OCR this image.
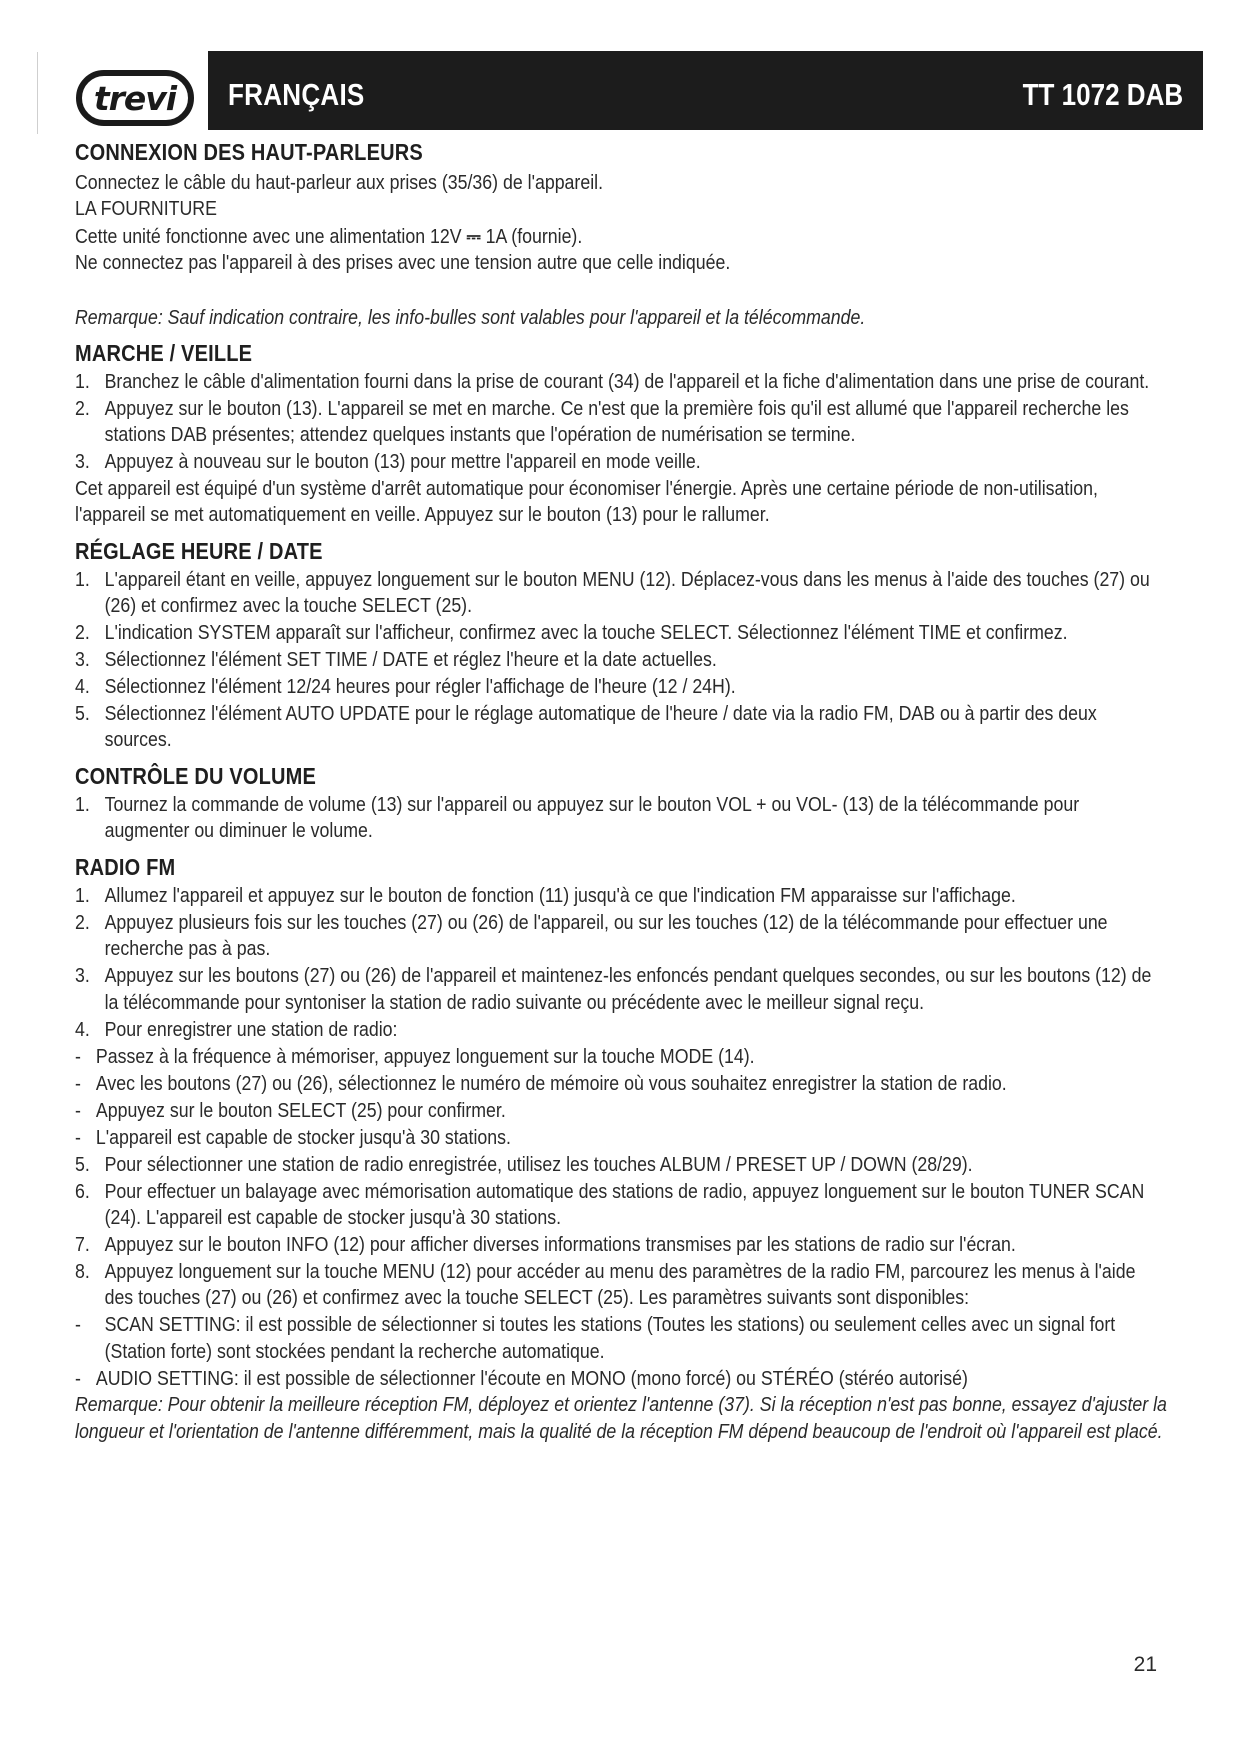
trevi	FRANÇAIS	TT 1072 DAB
CONNEXION DES HAUT-PARLEURS

Connectez le câble du haut-parleur aux prises (35/36) de l'appareil.

LA FOURNITURE

Cette unité fonctionne avec une alimentation 12V ⎓ 1A (fournie).

Ne connectez pas l'appareil à des prises avec une tension autre que celle indiquée.

Remarque: Sauf indication contraire, les info-bulles sont valables pour l'appareil et la télécommande.

MARCHE / VEILLE
1. Branchez le câble d'alimentation fourni dans la prise de courant (34) de l'appareil et la fiche d'alimentation dans une prise de courant.
2. Appuyez sur le bouton (13). L'appareil se met en marche. Ce n'est que la première fois qu'il est allumé que l'appareil recherche les stations DAB présentes; attendez quelques instants que l'opération de numérisation se termine.
3. Appuyez à nouveau sur le bouton (13) pour mettre l'appareil en mode veille.

Cet appareil est équipé d'un système d'arrêt automatique pour économiser l'énergie. Après une certaine période de non-utilisation, l'appareil se met automatiquement en veille. Appuyez sur le bouton (13) pour le rallumer.

RÉGLAGE HEURE / DATE
1. L'appareil étant en veille, appuyez longuement sur le bouton MENU (12). Déplacez-vous dans les menus à l'aide des touches (27) ou (26) et confirmez avec la touche SELECT (25).
2. L'indication SYSTEM apparaît sur l'afficheur, confirmez avec la touche SELECT. Sélectionnez l'élément TIME et confirmez.
3. Sélectionnez l'élément SET TIME / DATE et réglez l'heure et la date actuelles.
4. Sélectionnez l'élément 12/24 heures pour régler l'affichage de l'heure (12 / 24H).
5. Sélectionnez l'élément AUTO UPDATE pour le réglage automatique de l'heure / date via la radio FM, DAB ou à partir des deux sources.
CONTRÔLE DU VOLUME
1. Tournez la commande de volume (13) sur l'appareil ou appuyez sur le bouton VOL + ou VOL- (13) de la télécommande pour augmenter ou diminuer le volume.
RADIO FM
1. Allumez l'appareil et appuyez sur le bouton de fonction (11) jusqu'à ce que l'indication FM apparaisse sur l'affichage.
2. Appuyez plusieurs fois sur les touches (27) ou (26) de l'appareil, ou sur les touches (12) de la télécommande pour effectuer une recherche pas à pas.
3. Appuyez sur les boutons (27) ou (26) de l'appareil et maintenez-les enfoncés pendant quelques secondes, ou sur les boutons (12) de la télécommande pour syntoniser la station de radio suivante ou précédente avec le meilleur signal reçu.
4. Pour enregistrer une station de radio:
- Passez à la fréquence à mémoriser, appuyez longuement sur la touche MODE (14).
- Avec les boutons (27) ou (26), sélectionnez le numéro de mémoire où vous souhaitez enregistrer la station de radio.
- Appuyez sur le bouton SELECT (25) pour confirmer.
- L'appareil est capable de stocker jusqu'à 30 stations.
5. Pour sélectionner une station de radio enregistrée, utilisez les touches ALBUM / PRESET UP / DOWN (28/29).
6. Pour effectuer un balayage avec mémorisation automatique des stations de radio, appuyez longuement sur le bouton TUNER SCAN (24). L'appareil est capable de stocker jusqu'à 30 stations.
7. Appuyez sur le bouton INFO (12) pour afficher diverses informations transmises par les stations de radio sur l'écran.
8. Appuyez longuement sur la touche MENU (12) pour accéder au menu des paramètres de la radio FM, parcourez les menus à l'aide des touches (27) ou (26) et confirmez avec la touche SELECT (25). Les paramètres suivants sont disponibles:
- SCAN SETTING: il est possible de sélectionner si toutes les stations (Toutes les stations) ou seulement celles avec un signal fort (Station forte) sont stockées pendant la recherche automatique.
- AUDIO SETTING: il est possible de sélectionner l'écoute en MONO (mono forcé) ou STÉRÉO (stéréo autorisé)

Remarque: Pour obtenir la meilleure réception FM, déployez et orientez l'antenne (37). Si la réception n'est pas bonne, essayez d'ajuster la longueur et l'orientation de l'antenne différemment, mais la qualité de la réception FM dépend beaucoup de l'endroit où l'appareil est placé.

21
